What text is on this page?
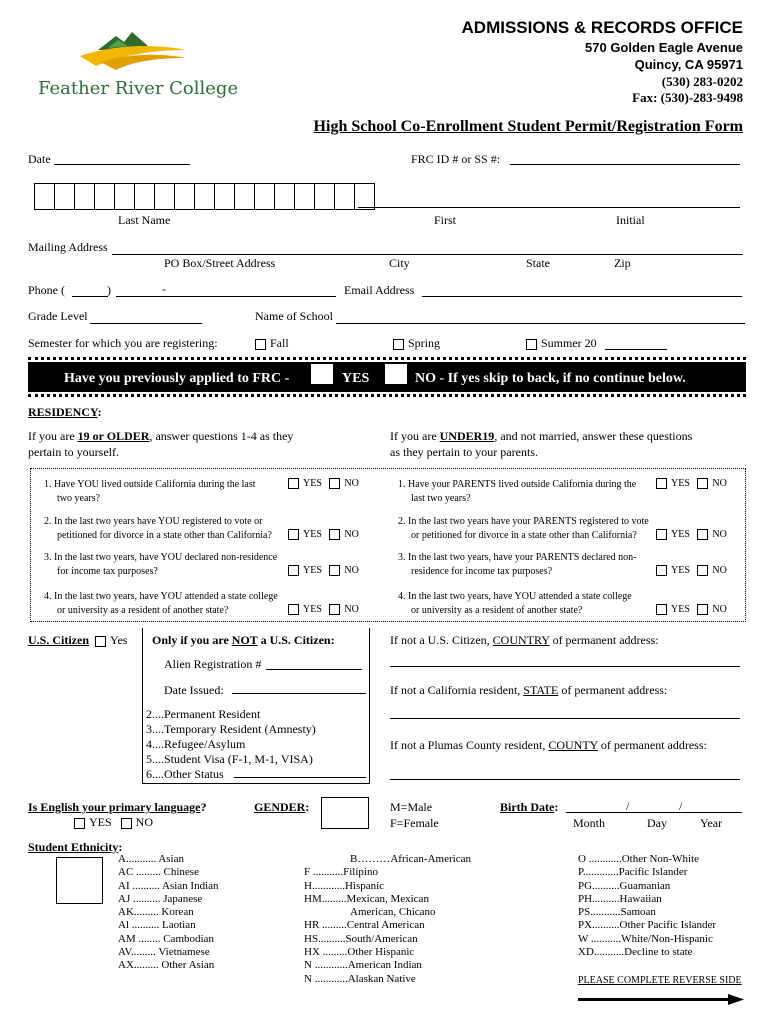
Feather River College
ADMISSIONS & RECORDS OFFICE
570 Golden Eagle Avenue
Quincy, CA 95971
(530) 283-0202
Fax: (530)-283-9498
High School Co-Enrollment Student Permit/Registration Form
Date	FRC ID # or SS #:
Last Name	First	Initial
Mailing Address
PO Box/Street Address	City	State	Zip
Phone (	)	-	Email Address
Grade Level	Name of School
Semester for which you are registering:	Fall	Spring	Summer 20
Have you previously applied to FRC -	YES	NO - If yes skip to back, if no continue below.
RESIDENCY:
If you are 19 or OLDER, answer questions 1-4 as they
pertain to yourself.
If you are UNDER19, and not married, answer these questions
as they pertain to your parents.
1. Have YOU lived outside California during the last
two years?
YES NO
2. In the last two years have YOU registered to vote or
petitioned for divorce in a state other than California?	YES NO
3. In the last two years, have YOU declared non-residence
for income tax purposes?	YES NO
4. In the last two years, have YOU attended a state college
or university as a resident of another state?	YES NO
1. Have your PARENTS lived outside California during the
last two years?
YES NO
2. In the last two years have your PARENTS registered to vote
or petitioned for divorce in a state other than California?	YES NO
3. In the last two years, have your PARENTS declared non-
residence for income tax purposes?	YES NO
4. In the last two years, have YOU attended a state college
or university as a resident of another state?	YES NO
U.S. Citizen Yes Only if you are NOT a U.S. Citizen:
Alien Registration #
Date Issued:
2....Permanent Resident
3....Temporary Resident (Amnesty)
4....Refugee/Asylum
5....Student Visa (F-1, M-1, VISA)
6....Other Status
If not a U.S. Citizen, COUNTRY of permanent address:
If not a California resident, STATE of permanent address:
If not a Plumas County resident, COUNTY of permanent address:
Is English your primary language?
YES NO
GENDER:	M=Male
F=Female
Birth Date:	/	/
Month	Day	Year
Student Ethnicity:
A........... Asian
AC ......... Chinese
AI .......... Asian Indian
AJ .......... Japanese
AK......... Korean
Al .......... Laotian
AM ........ Cambodian
AV......... Vietnamese
AX......... Other Asian
B………African-American
F ...........Filipino
H............Hispanic
HM.........Mexican, Mexican
American, Chicano
HR .........Central American
HS..........South/American
HX .........Other Hispanic
N ............American Indian
N ............Alaskan Native
O ............Other Non-White
P.............Pacific Islander
PG..........Guamanian
PH..........Hawaiian
PS...........Samoan
PX..........Other Pacific Islander
W ...........White/Non-Hispanic
XD...........Decline to state
PLEASE COMPLETE REVERSE SIDE
